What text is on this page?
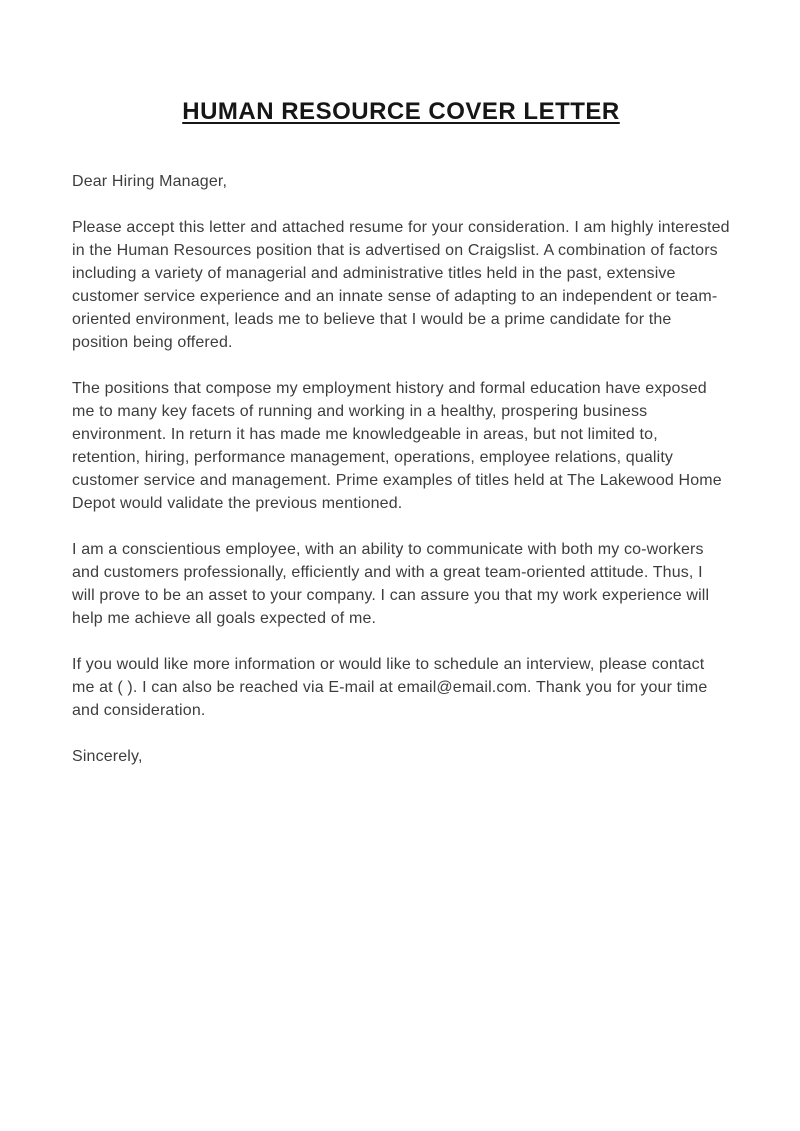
HUMAN RESOURCE COVER LETTER

Dear Hiring Manager,

Please accept this letter and attached resume for your consideration. I am highly interested in the Human Resources position that is advertised on Craigslist. A combination of factors including a variety of managerial and administrative titles held in the past, extensive customer service experience and an innate sense of adapting to an independent or team-oriented environment, leads me to believe that I would be a prime candidate for the position being offered.

The positions that compose my employment history and formal education have exposed me to many key facets of running and working in a healthy, prospering business environment. In return it has made me knowledgeable in areas, but not limited to, retention, hiring, performance management, operations, employee relations, quality customer service and management. Prime examples of titles held at The Lakewood Home Depot would validate the previous mentioned.

I am a conscientious employee, with an ability to communicate with both my co-workers and customers professionally, efficiently and with a great team-oriented attitude. Thus, I will prove to be an asset to your company. I can assure you that my work experience will help me achieve all goals expected of me.

If you would like more information or would like to schedule an interview, please contact me at ( ). I can also be reached via E-mail at email@email.com. Thank you for your time and consideration.

Sincerely,
